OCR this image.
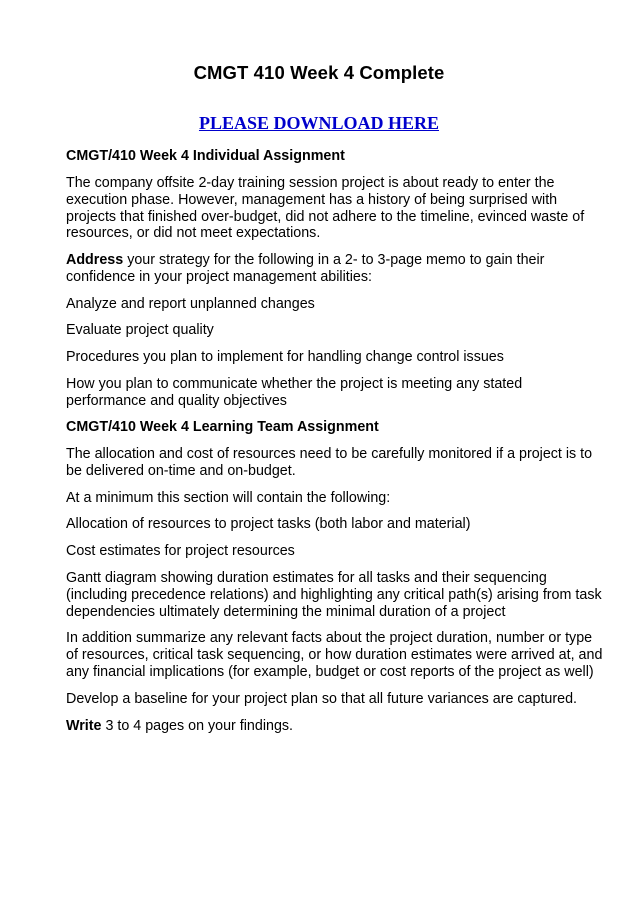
CMGT 410 Week 4 Complete

PLEASE DOWNLOAD HERE

CMGT/410 Week 4 Individual Assignment

The company offsite 2-day training session project is about ready to enter the execution phase. However, management has a history of being surprised with projects that finished over-budget, did not adhere to the timeline, evinced waste of resources, or did not meet expectations.

Address your strategy for the following in a 2- to 3-page memo to gain their confidence in your project management abilities:

Analyze and report unplanned changes

Evaluate project quality

Procedures you plan to implement for handling change control issues

How you plan to communicate whether the project is meeting any stated performance and quality objectives

CMGT/410 Week 4 Learning Team Assignment

The allocation and cost of resources need to be carefully monitored if a project is to be delivered on-time and on-budget.

At a minimum this section will contain the following:

Allocation of resources to project tasks (both labor and material)

Cost estimates for project resources

Gantt diagram showing duration estimates for all tasks and their sequencing (including precedence relations) and highlighting any critical path(s) arising from task dependencies ultimately determining the minimal duration of a project

In addition summarize any relevant facts about the project duration, number or type of resources, critical task sequencing, or how duration estimates were arrived at, and any financial implications (for example, budget or cost reports of the project as well)

Develop a baseline for your project plan so that all future variances are captured.

Write 3 to 4 pages on your findings.
